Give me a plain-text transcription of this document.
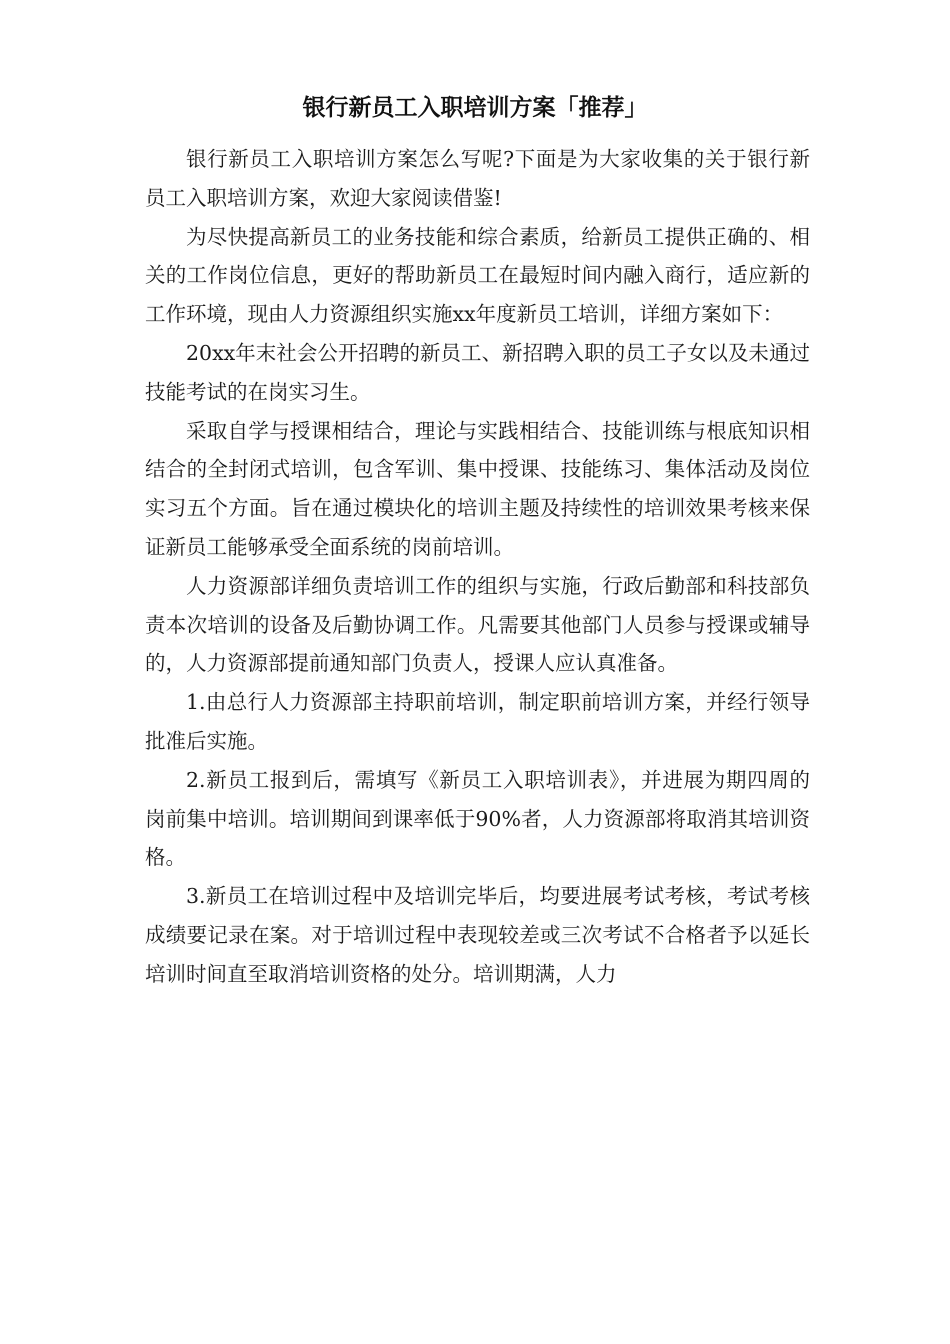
银行新员工入职培训方案「推荐」

银行新员工入职培训方案怎么写呢?下面是为大家收集的关于银行新员工入职培训方案，欢迎大家阅读借鉴!

为尽快提高新员工的业务技能和综合素质，给新员工提供正确的、相关的工作岗位信息，更好的帮助新员工在最短时间内融入商行，适应新的工作环境，现由人力资源组织实施xx年度新员工培训，详细方案如下：

20xx年末社会公开招聘的新员工、新招聘入职的员工子女以及未通过技能考试的在岗实习生。

采取自学与授课相结合，理论与实践相结合、技能训练与根底知识相结合的全封闭式培训，包含军训、集中授课、技能练习、集体活动及岗位实习五个方面。旨在通过模块化的培训主题及持续性的培训效果考核来保证新员工能够承受全面系统的岗前培训。

人力资源部详细负责培训工作的组织与实施，行政后勤部和科技部负责本次培训的设备及后勤协调工作。凡需要其他部门人员参与授课或辅导的，人力资源部提前通知部门负责人，授课人应认真准备。

1.由总行人力资源部主持职前培训，制定职前培训方案，并经行领导批准后实施。

2.新员工报到后，需填写《新员工入职培训表》，并进展为期四周的岗前集中培训。培训期间到课率低于90%者，人力资源部将取消其培训资格。

3.新员工在培训过程中及培训完毕后，均要进展考试考核，考试考核成绩要记录在案。对于培训过程中表现较差或三次考试不合格者予以延长培训时间直至取消培训资格的处分。培训期满，人力
